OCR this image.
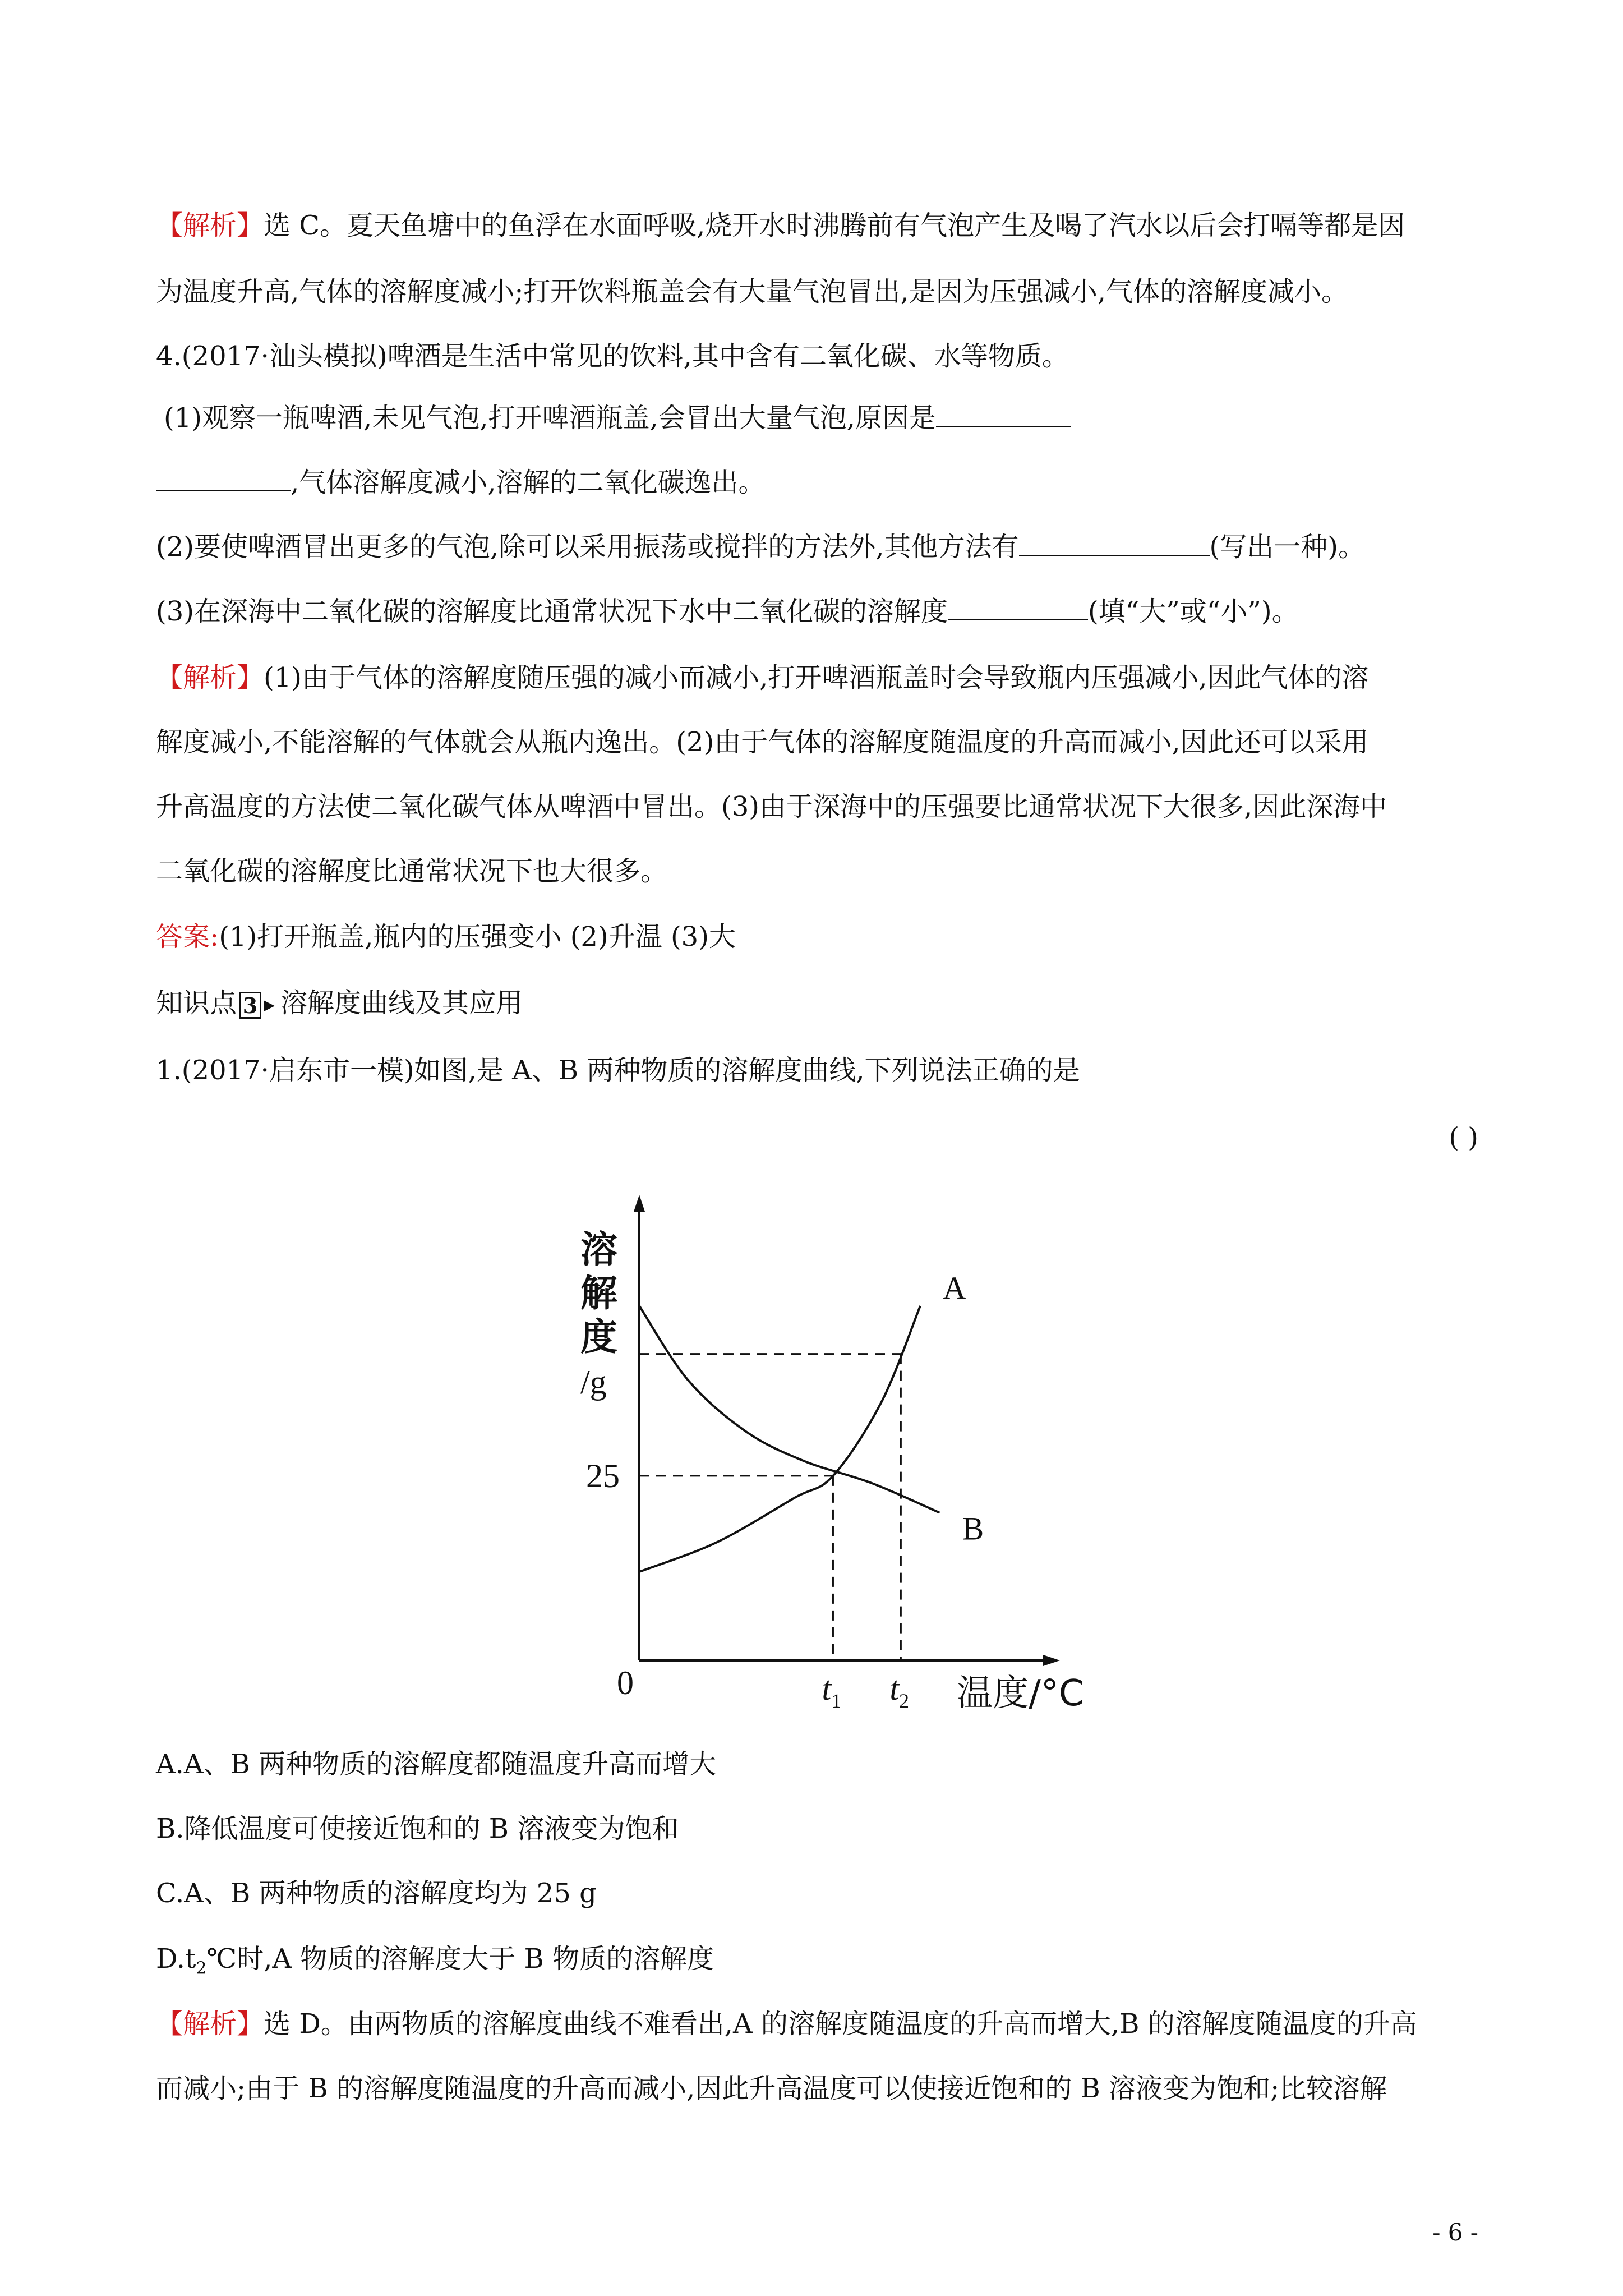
【解析】选 C。夏天鱼塘中的鱼浮在水面呼吸,烧开水时沸腾前有气泡产生及喝了汽水以后会打嗝等都是因
为温度升高,气体的溶解度减小;打开饮料瓶盖会有大量气泡冒出,是因为压强减小,气体的溶解度减小。
4.(2017·汕头模拟)啤酒是生活中常见的饮料,其中含有二氧化碳、水等物质。
(1)观察一瓶啤酒,未见气泡,打开啤酒瓶盖,会冒出大量气泡,原因是
,气体溶解度减小,溶解的二氧化碳逸出。
(2)要使啤酒冒出更多的气泡,除可以采用振荡或搅拌的方法外,其他方法有	(写出一种)。
(3)在深海中二氧化碳的溶解度比通常状况下水中二氧化碳的溶解度	(填“大”或“小”)。
【解析】(1)由于气体的溶解度随压强的减小而减小,打开啤酒瓶盖时会导致瓶内压强减小,因此气体的溶
解度减小,不能溶解的气体就会从瓶内逸出。(2)由于气体的溶解度随温度的升高而减小,因此还可以采用
升高温度的方法使二氧化碳气体从啤酒中冒出。(3)由于深海中的压强要比通常状况下大很多,因此深海中
二氧化碳的溶解度比通常状况下也大很多。
答案:(1)打开瓶盖,瓶内的压强变小 (2)升温 (3)大
知识点 3 ▶ 溶解度曲线及其应用
1.(2017·启东市一模)如图,是 A、B 两种物质的溶解度曲线,下列说法正确的是
( )
A
B
溶
解
度
/g
25
0	$t_1$ $t_2$ 温度/°C
A.A、B 两种物质的溶解度都随温度升高而增大
B.降低温度可使接近饱和的 B 溶液变为饱和
C.A、B 两种物质的溶解度均为 25 g
$D.t_2℃$时,A 物质的溶解度大于 B 物质的溶解度
【解析】选 D。由两物质的溶解度曲线不难看出,A 的溶解度随温度的升高而增大,B 的溶解度随温度的升高
而减小;由于 B 的溶解度随温度的升高而减小,因此升高温度可以使接近饱和的 B 溶液变为饱和;比较溶解
- 6 -
